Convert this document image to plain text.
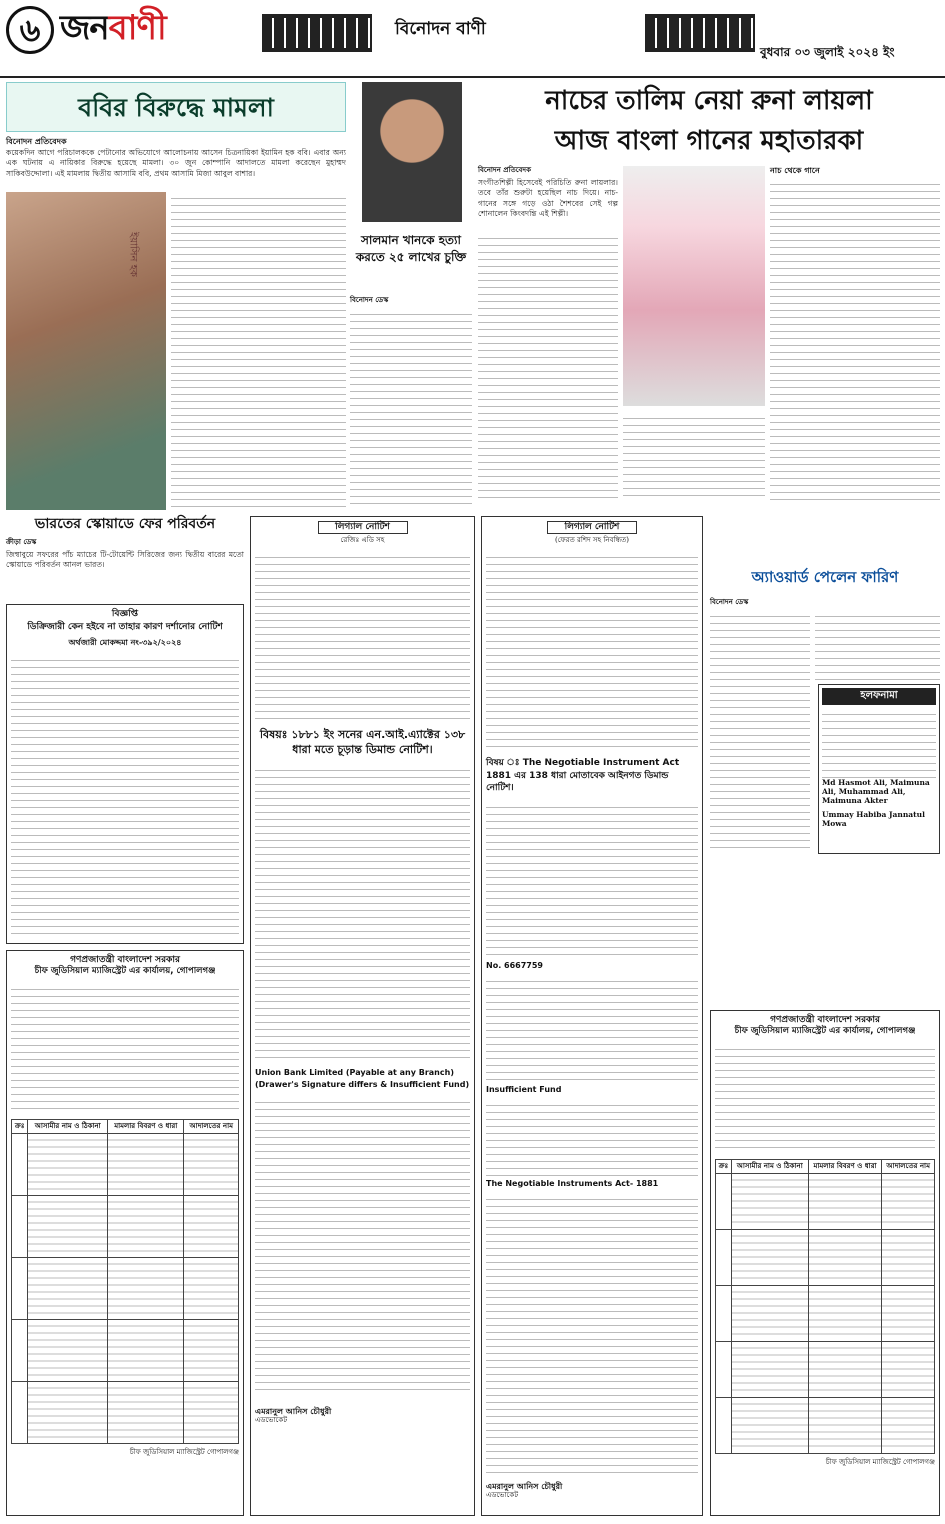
৬ জনবাণী	বিনোদন বাণী
বুধবার ০৩ জুলাই ২০২৪ ইং
ববির বিরুদ্ধে মামলা
বিনোদন প্রতিবেদক
কয়েকদিন আগে পরিচালককে পেটানোর অভিযোগে আলোচনায় আসেন চিত্রনায়িকা ইয়ামিন হক ববি। এবার অন্য এক ঘটনায় এ নায়িকার বিরুদ্ধে হয়েছে মামলা। ৩০ জুন কোম্পানি আদালতে মামলা করেছেন মুহাম্মদ সাকিবউদ্দোলা। এই মামলায় দ্বিতীয় আসামি ববি, প্রথম আসামি মিজা আবুল বাশার।
ইয়াসিন হক	সালমান খানকে হত্যা করতে ২৫ লাখের চুক্তি
বিনোদন ডেস্ক
নাচের তালিম নেয়া রুনা লায়লা
আজ বাংলা গানের মহাতারকা
বিনোদন প্রতিবেদক
সংগীতশিল্পী হিসেবেই পরিচিতি রুনা লায়লার। তবে তাঁর শুরুটা হয়েছিল নাচ দিয়ে। নাচ-গানের সঙ্গে গড়ে ওঠা শৈশবের সেই গল্প শোনালেন কিংবদন্তি এই শিল্পী।
নাচ থেকে গানে
ভারতের স্কোয়াডে ফের পরিবর্তন
ক্রীড়া ডেস্ক
জিম্বাবুয়ে সফরের পাঁচ ম্যাচের টি-টোয়েন্টি সিরিজের জন্য দ্বিতীয় বারের মতো স্কোয়াডে পরিবর্তন আনল ভারত।
বিজ্ঞপ্তি
ডিক্রিজারী কেন হইবে না তাহার কারণ দর্শানোর নোটিশ
অর্থজারী মোকদ্দমা নং-৩৯২/২০২৪
লিগ্যাল নোটিশ
রেজিঃ এডি সহ
বিষয়ঃ ১৮৮১ ইং সনের এন.আই.এ্যাক্টের ১৩৮ ধারা মতে চূড়ান্ত ডিমান্ড নোটিশ।
Union Bank Limited (Payable at any Branch)
(Drawer's Signature differs & Insufficient Fund)
এমরানুল আনিস চৌধুরী
এডভোকেট
লিগ্যাল নোটিশ
(ফেরত রশিদ সহ নিবন্ধিত)
বিষয় ঃ The Negotiable Instrument Act 1881 এর 138 ধারা মোতাবেক আইনগত ডিমান্ড নোটিশ।
No. 6667759
Insufficient Fund
The Negotiable Instruments Act- 1881
এমরানুল আনিস চৌধুরী
এডভোকেট
অ্যাওয়ার্ড পেলেন ফারিণ
বিনোদন ডেস্ক
হলফনামা
Md Hasmot Ali, Maimuna Ali, Muhammad Ali, Maimuna Akter
Ummay Habiba Jannatul Mowa
গণপ্রজাতন্ত্রী বাংলাদেশ সরকার
চীফ জুডিসিয়াল ম্যাজিস্ট্রেট এর কার্যালয়, গোপালগঞ্জ
ক্রঃ	আসামীর নাম ও ঠিকানা	মামলার বিবরণ ও ধারা	আদালতের নাম

চীফ জুডিসিয়াল ম্যাজিস্ট্রেট গোপালগঞ্জ
গণপ্রজাতন্ত্রী বাংলাদেশ সরকার
চীফ জুডিসিয়াল ম্যাজিস্ট্রেট এর কার্যালয়, গোপালগঞ্জ
ক্রঃ	আসামীর নাম ও ঠিকানা	মামলার বিবরণ ও ধারা	আদালতের নাম

চীফ জুডিসিয়াল ম্যাজিস্ট্রেট গোপালগঞ্জ
